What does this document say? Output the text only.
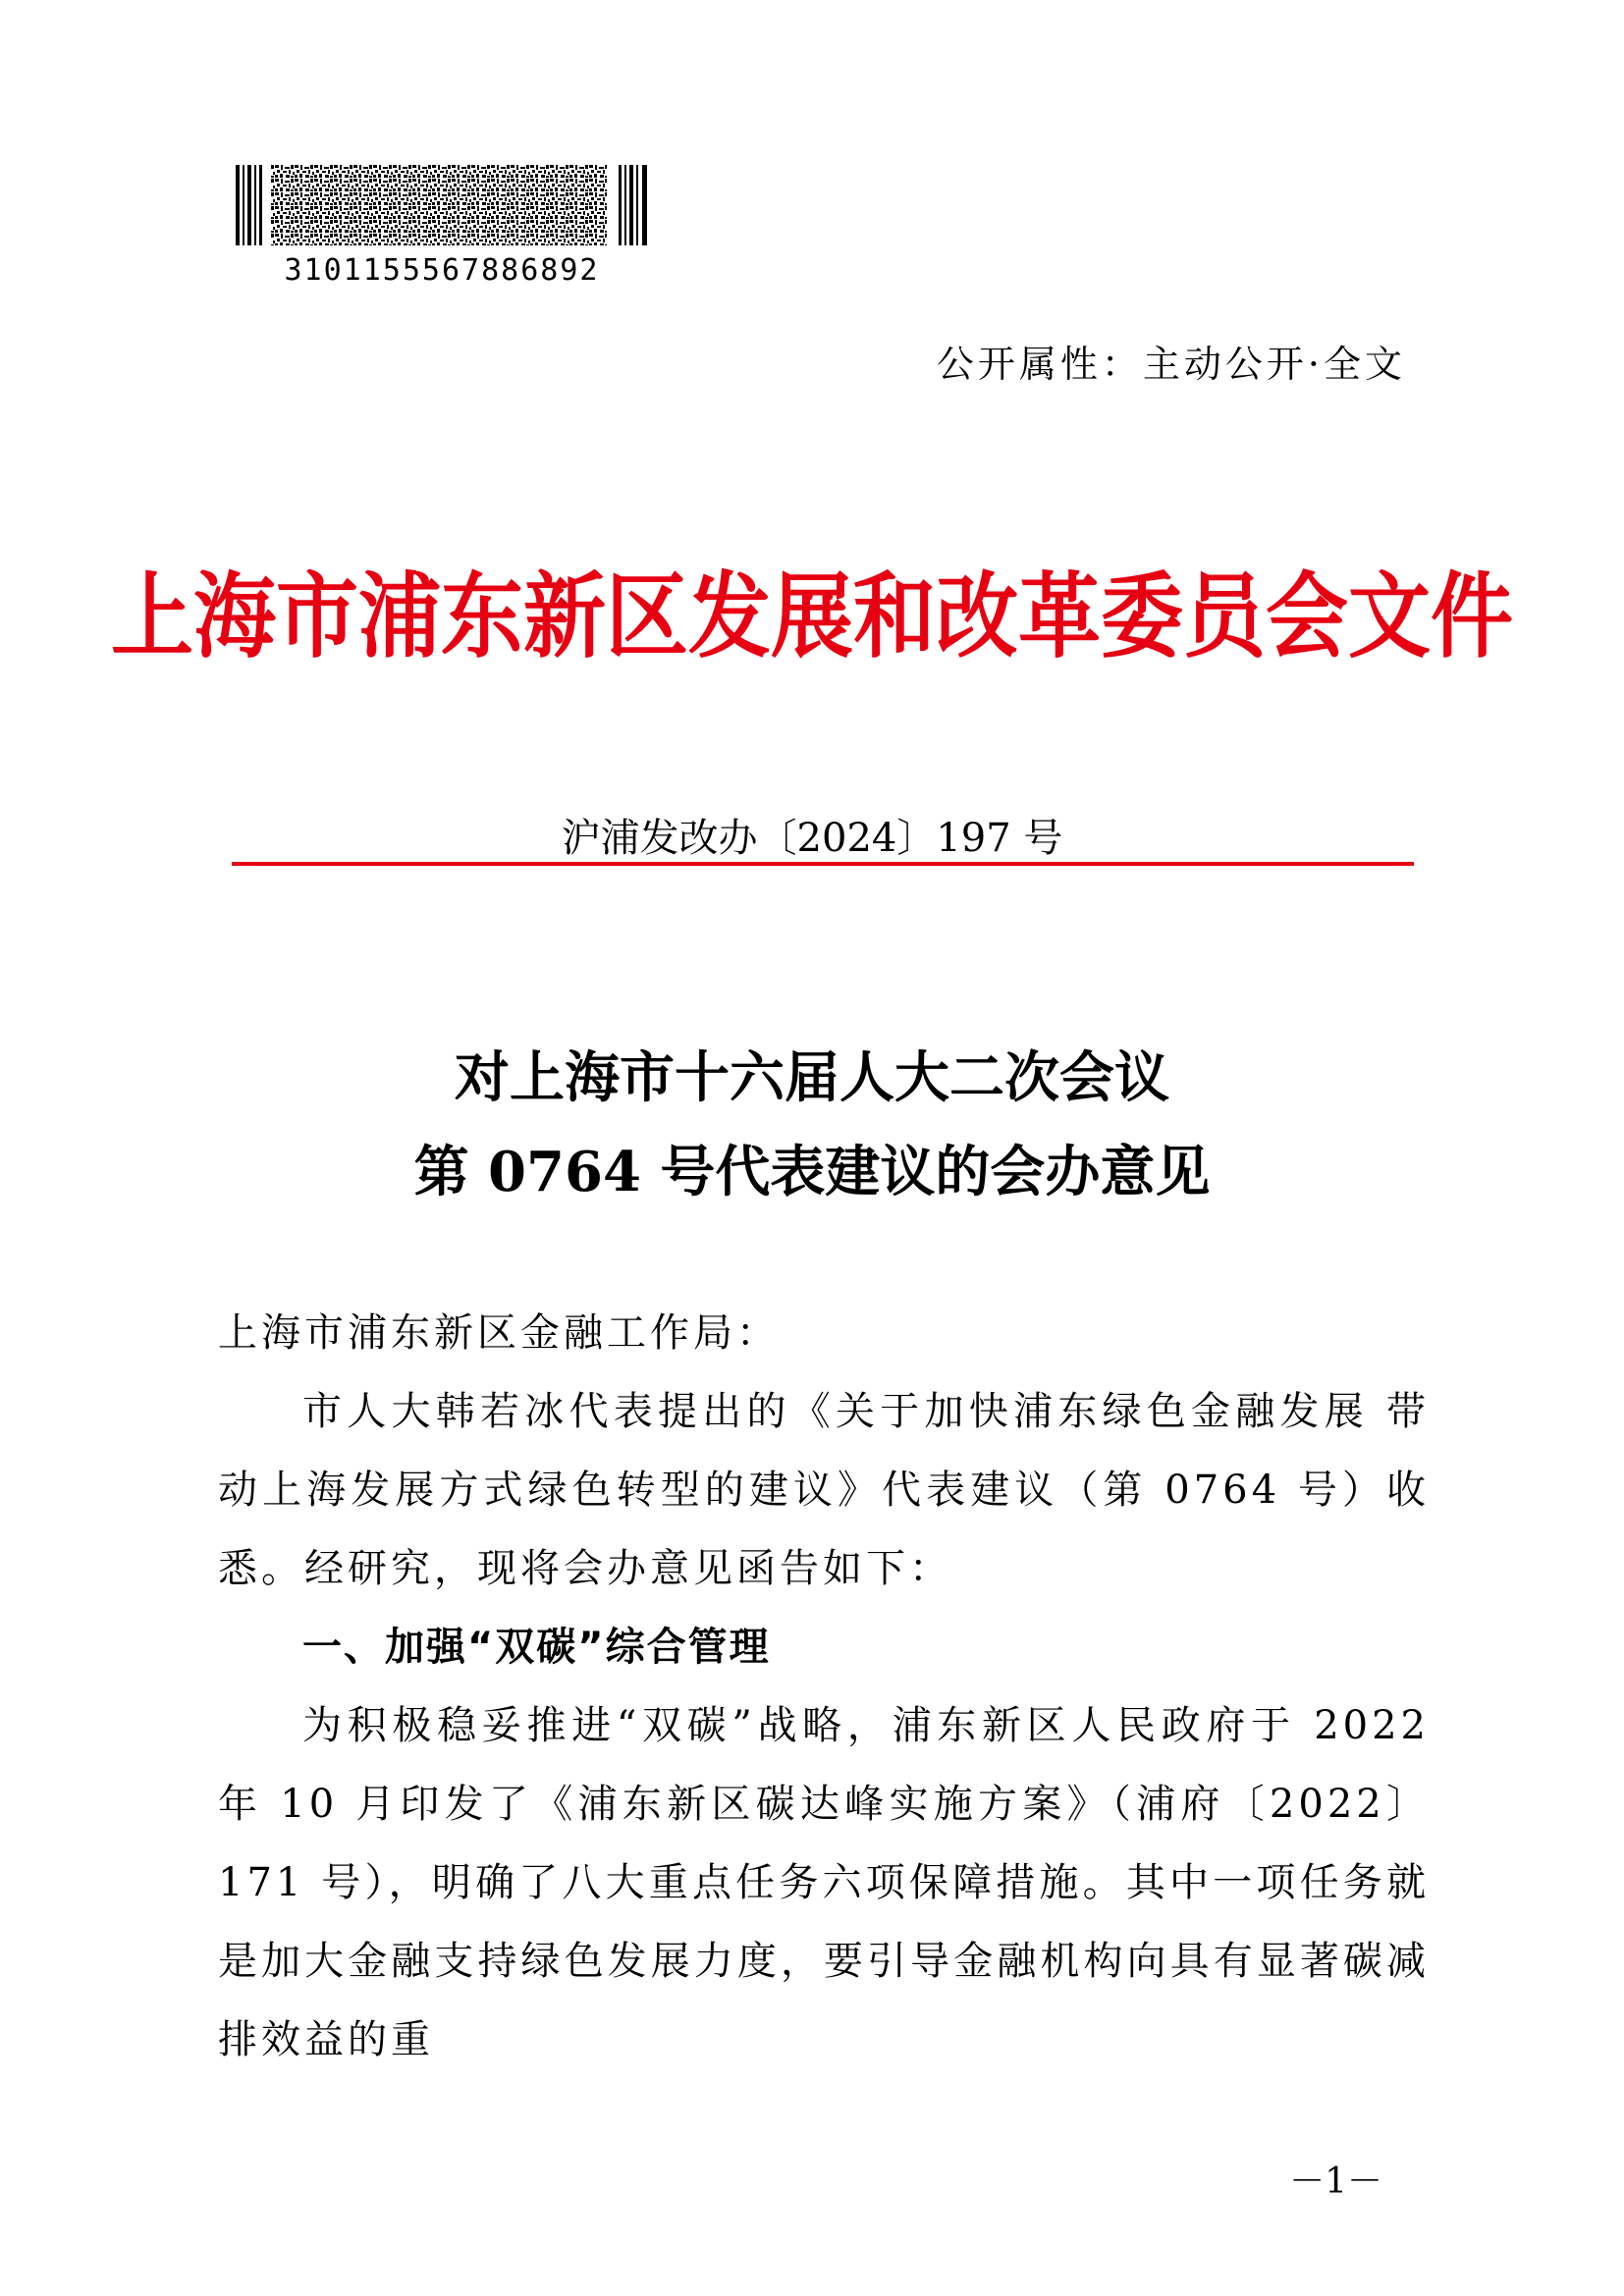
3101155567886892
公开属性：主动公开·全文
上海市浦东新区发展和改革委员会文件
沪浦发改办〔2024〕197 号
对上海市十六届人大二次会议
第 0764 号代表建议的会办意见

上海市浦东新区金融工作局：

市人大韩若冰代表提出的《关于加快浦东绿色金融发展 带动上海发展方式绿色转型的建议》代表建议（第 0764 号）收悉。经研究，现将会办意见函告如下：

一、加强“双碳”综合管理

为积极稳妥推进“双碳”战略，浦东新区人民政府于 2022 年 10 月印发了《浦东新区碳达峰实施方案》（浦府〔2022〕171 号），明确了八大重点任务六项保障措施。其中一项任务就是加大金融支持绿色发展力度，要引导金融机构向具有显著碳减排效益的重

－1－
